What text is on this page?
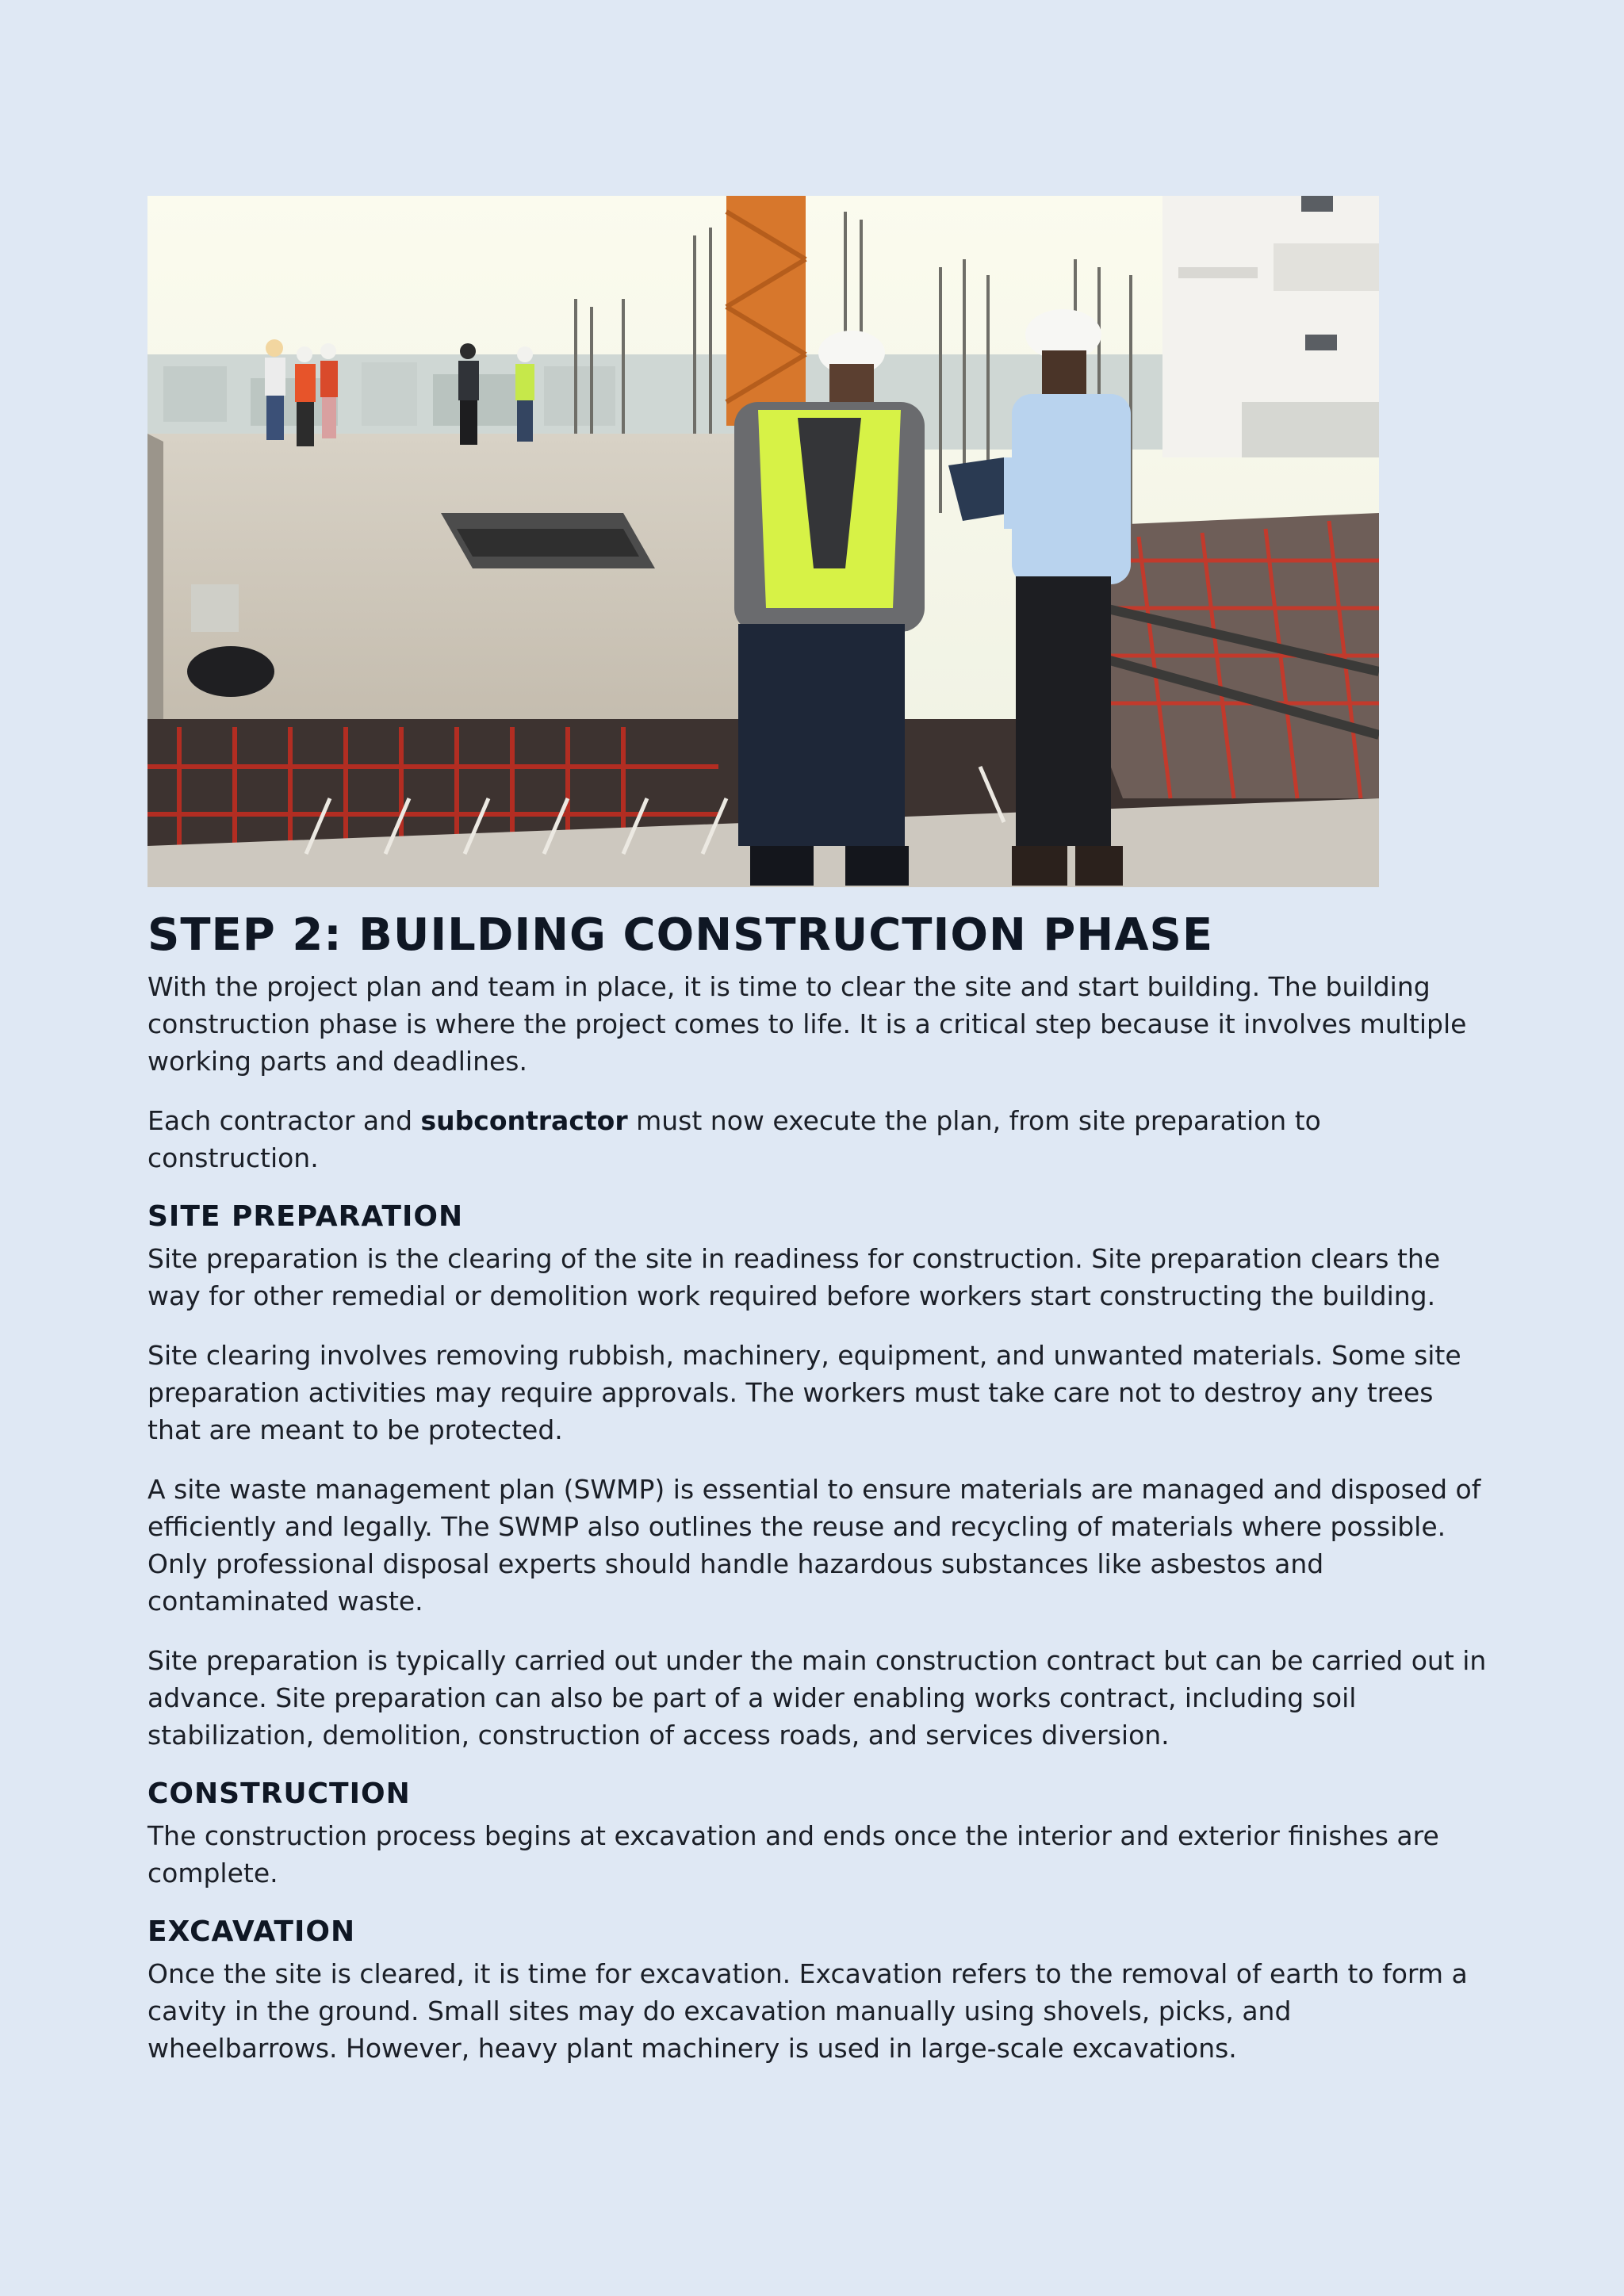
STEP 2: BUILDING CONSTRUCTION PHASE

With the project plan and team in place, it is time to clear the site and start building. The building construction phase is where the project comes to life. It is a critical step because it involves multiple working parts and deadlines.

Each contractor and subcontractor must now execute the plan, from site preparation to construction.

SITE PREPARATION

Site preparation is the clearing of the site in readiness for construction. Site preparation clears the way for other remedial or demolition work required before workers start constructing the building.

Site clearing involves removing rubbish, machinery, equipment, and unwanted materials. Some site preparation activities may require approvals. The workers must take care not to destroy any trees that are meant to be protected.

A site waste management plan (SWMP) is essential to ensure materials are managed and disposed of efficiently and legally. The SWMP also outlines the reuse and recycling of materials where possible. Only professional disposal experts should handle hazardous substances like asbestos and contaminated waste.

Site preparation is typically carried out under the main construction contract but can be carried out in advance. Site preparation can also be part of a wider enabling works contract, including soil stabilization, demolition, construction of access roads, and services diversion.

CONSTRUCTION

The construction process begins at excavation and ends once the interior and exterior finishes are complete.

EXCAVATION

Once the site is cleared, it is time for excavation. Excavation refers to the removal of earth to form a cavity in the ground. Small sites may do excavation manually using shovels, picks, and wheelbarrows. However, heavy plant machinery is used in large-scale excavations.
